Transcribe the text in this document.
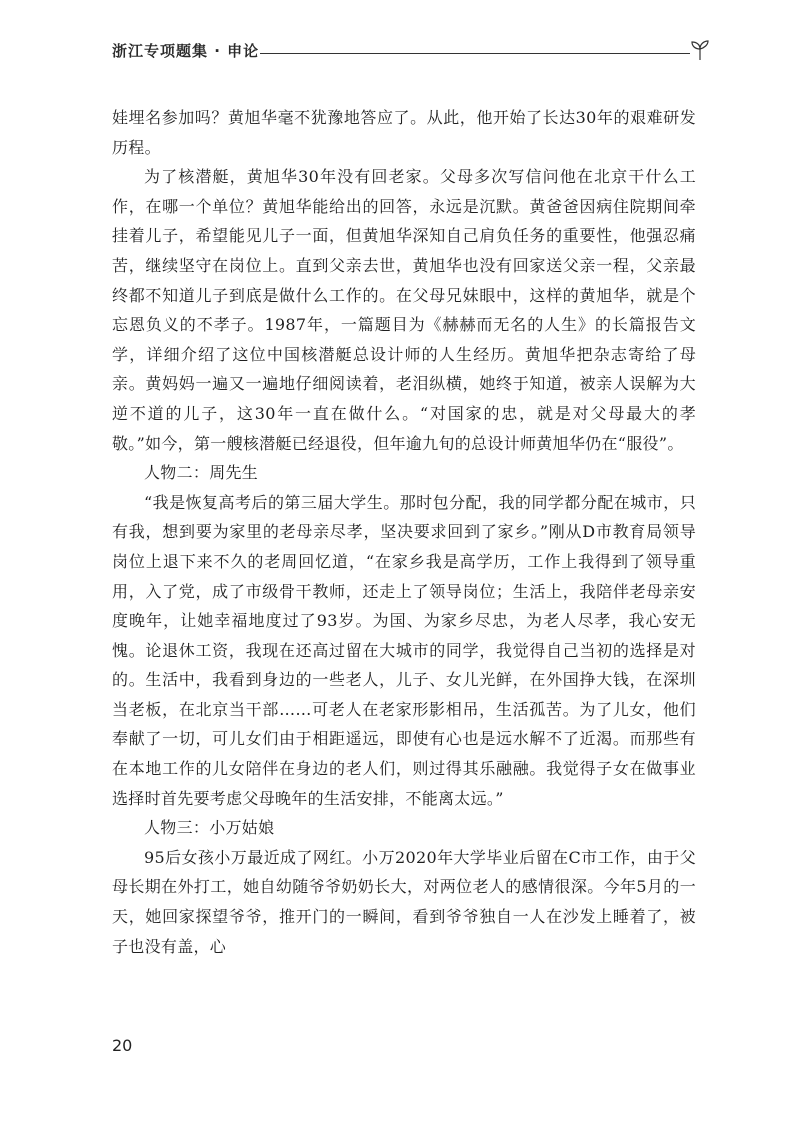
浙江专项题集 · 申论

娃埋名参加吗？黄旭华毫不犹豫地答应了。从此，他开始了长达30年的艰难研发历程。

为了核潜艇，黄旭华30年没有回老家。父母多次写信问他在北京干什么工作，在哪一个单位？黄旭华能给出的回答，永远是沉默。黄爸爸因病住院期间牵挂着儿子，希望能见儿子一面，但黄旭华深知自己肩负任务的重要性，他强忍痛苦，继续坚守在岗位上。直到父亲去世，黄旭华也没有回家送父亲一程，父亲最终都不知道儿子到底是做什么工作的。在父母兄妹眼中，这样的黄旭华，就是个忘恩负义的不孝子。1987年，一篇题目为《赫赫而无名的人生》的长篇报告文学，详细介绍了这位中国核潜艇总设计师的人生经历。黄旭华把杂志寄给了母亲。黄妈妈一遍又一遍地仔细阅读着，老泪纵横，她终于知道，被亲人误解为大逆不道的儿子，这30年一直在做什么。“对国家的忠，就是对父母最大的孝敬。”如今，第一艘核潜艇已经退役，但年逾九旬的总设计师黄旭华仍在“服役”。

人物二：周先生

“我是恢复高考后的第三届大学生。那时包分配，我的同学都分配在城市，只有我，想到要为家里的老母亲尽孝，坚决要求回到了家乡。”刚从D市教育局领导岗位上退下来不久的老周回忆道，“在家乡我是高学历，工作上我得到了领导重用，入了党，成了市级骨干教师，还走上了领导岗位；生活上，我陪伴老母亲安度晚年，让她幸福地度过了93岁。为国、为家乡尽忠，为老人尽孝，我心安无愧。论退休工资，我现在还高过留在大城市的同学，我觉得自己当初的选择是对的。生活中，我看到身边的一些老人，儿子、女儿光鲜，在外国挣大钱，在深圳当老板，在北京当干部……可老人在老家形影相吊，生活孤苦。为了儿女，他们奉献了一切，可儿女们由于相距遥远，即使有心也是远水解不了近渴。而那些有在本地工作的儿女陪伴在身边的老人们，则过得其乐融融。我觉得子女在做事业选择时首先要考虑父母晚年的生活安排，不能离太远。”

人物三：小万姑娘

95后女孩小万最近成了网红。小万2020年大学毕业后留在C市工作，由于父母长期在外打工，她自幼随爷爷奶奶长大，对两位老人的感情很深。今年5月的一天，她回家探望爷爷，推开门的一瞬间，看到爷爷独自一人在沙发上睡着了，被子也没有盖，心

20
